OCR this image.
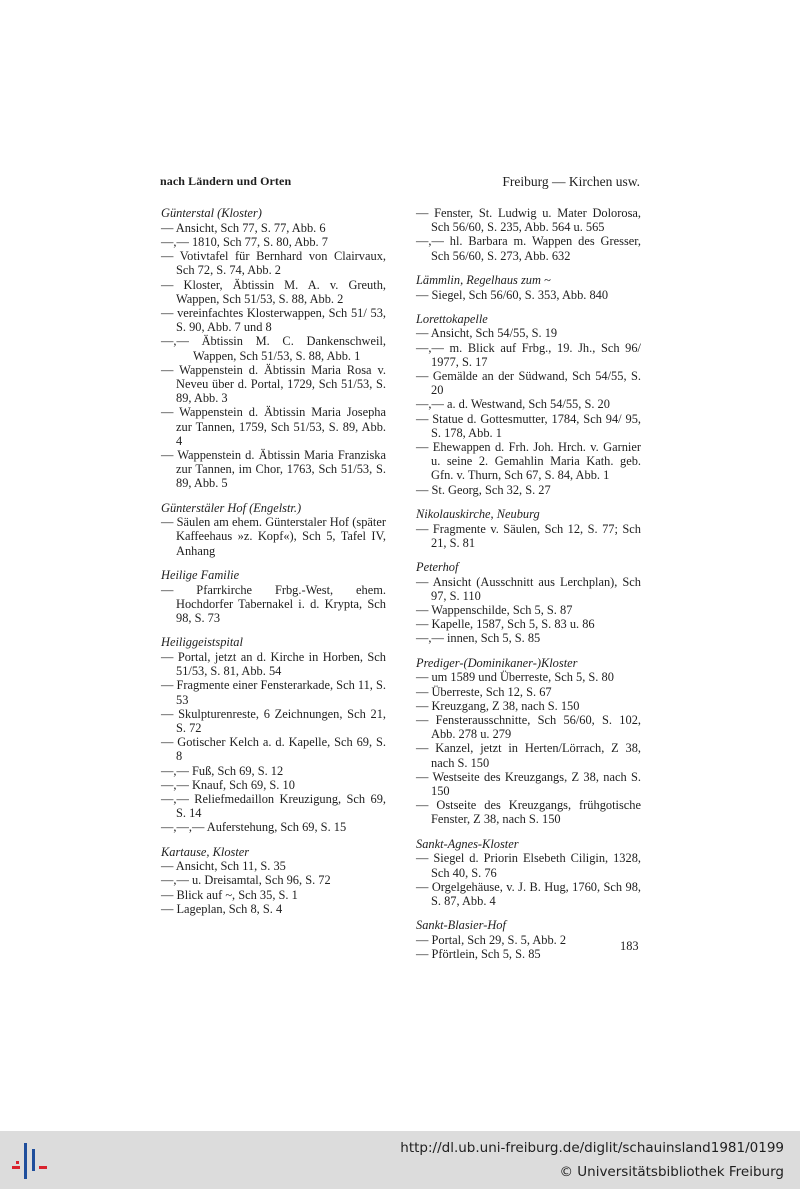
nach Ländern und Orten	Freiburg — Kirchen usw.
Günterstal (Kloster)
— Ansicht, Sch 77, S. 77, Abb. 6
—,— 1810, Sch 77, S. 80, Abb. 7
— Votivtafel für Bernhard von Clairvaux, Sch 72, S. 74, Abb. 2
— Kloster, Äbtissin M. A. v. Greuth, Wappen, Sch 51/53, S. 88, Abb. 2
— vereinfachtes Klosterwappen, Sch 51/ 53, S. 90, Abb. 7 und 8
—,— Äbtissin M. C. Dankenschweil, Wappen, Sch 51/53, S. 88, Abb. 1
— Wappenstein d. Äbtissin Maria Rosa v. Neveu über d. Portal, 1729, Sch 51/53, S. 89, Abb. 3
— Wappenstein d. Äbtissin Maria Josepha zur Tannen, 1759, Sch 51/53, S. 89, Abb. 4
— Wappenstein d. Äbtissin Maria Franziska zur Tannen, im Chor, 1763, Sch 51/53, S. 89, Abb. 5
Günterstäler Hof (Engelstr.)
— Säulen am ehem. Günterstaler Hof (später Kaffeehaus »z. Kopf«), Sch 5, Tafel IV, Anhang
Heilige Familie
— Pfarrkirche Frbg.-West, ehem. Hochdorfer Tabernakel i. d. Krypta, Sch 98, S. 73
Heiliggeistspital
— Portal, jetzt an d. Kirche in Horben, Sch 51/53, S. 81, Abb. 54
— Fragmente einer Fensterarkade, Sch 11, S. 53
— Skulpturenreste, 6 Zeichnungen, Sch 21, S. 72
— Gotischer Kelch a. d. Kapelle, Sch 69, S. 8
—,— Fuß, Sch 69, S. 12
—,— Knauf, Sch 69, S. 10
—,— Reliefmedaillon Kreuzigung, Sch 69, S. 14
—,—,— Auferstehung, Sch 69, S. 15
Kartause, Kloster
— Ansicht, Sch 11, S. 35
—,— u. Dreisamtal, Sch 96, S. 72
— Blick auf ~, Sch 35, S. 1
— Lageplan, Sch 8, S. 4
— Fenster, St. Ludwig u. Mater Dolorosa, Sch 56/60, S. 235, Abb. 564 u. 565
—,— hl. Barbara m. Wappen des Gresser, Sch 56/60, S. 273, Abb. 632
Lämmlin, Regelhaus zum ~
— Siegel, Sch 56/60, S. 353, Abb. 840
Lorettokapelle
— Ansicht, Sch 54/55, S. 19
—,— m. Blick auf Frbg., 19. Jh., Sch 96/ 1977, S. 17
— Gemälde an der Südwand, Sch 54/55, S. 20
—,— a. d. Westwand, Sch 54/55, S. 20
— Statue d. Gottesmutter, 1784, Sch 94/ 95, S. 178, Abb. 1
— Ehewappen d. Frh. Joh. Hrch. v. Garnier u. seine 2. Gemahlin Maria Kath. geb. Gfn. v. Thurn, Sch 67, S. 84, Abb. 1
— St. Georg, Sch 32, S. 27
Nikolauskirche, Neuburg
— Fragmente v. Säulen, Sch 12, S. 77; Sch 21, S. 81
Peterhof
— Ansicht (Ausschnitt aus Lerchplan), Sch 97, S. 110
— Wappenschilde, Sch 5, S. 87
— Kapelle, 1587, Sch 5, S. 83 u. 86
—,— innen, Sch 5, S. 85
Prediger-(Dominikaner-)Kloster
— um 1589 und Überreste, Sch 5, S. 80
— Überreste, Sch 12, S. 67
— Kreuzgang, Z 38, nach S. 150
— Fensterausschnitte, Sch 56/60, S. 102, Abb. 278 u. 279
— Kanzel, jetzt in Herten/Lörrach, Z 38, nach S. 150
— Westseite des Kreuzgangs, Z 38, nach S. 150
— Ostseite des Kreuzgangs, frühgotische Fenster, Z 38, nach S. 150
Sankt-Agnes-Kloster
— Siegel d. Priorin Elsebeth Ciligin, 1328, Sch 40, S. 76
— Orgelgehäuse, v. J. B. Hug, 1760, Sch 98, S. 87, Abb. 4
Sankt-Blasier-Hof
— Portal, Sch 29, S. 5, Abb. 2
— Pförtlein, Sch 5, S. 85
183
http://dl.ub.uni-freiburg.de/diglit/schauinsland1981/0199
© Universitätsbibliothek Freiburg
